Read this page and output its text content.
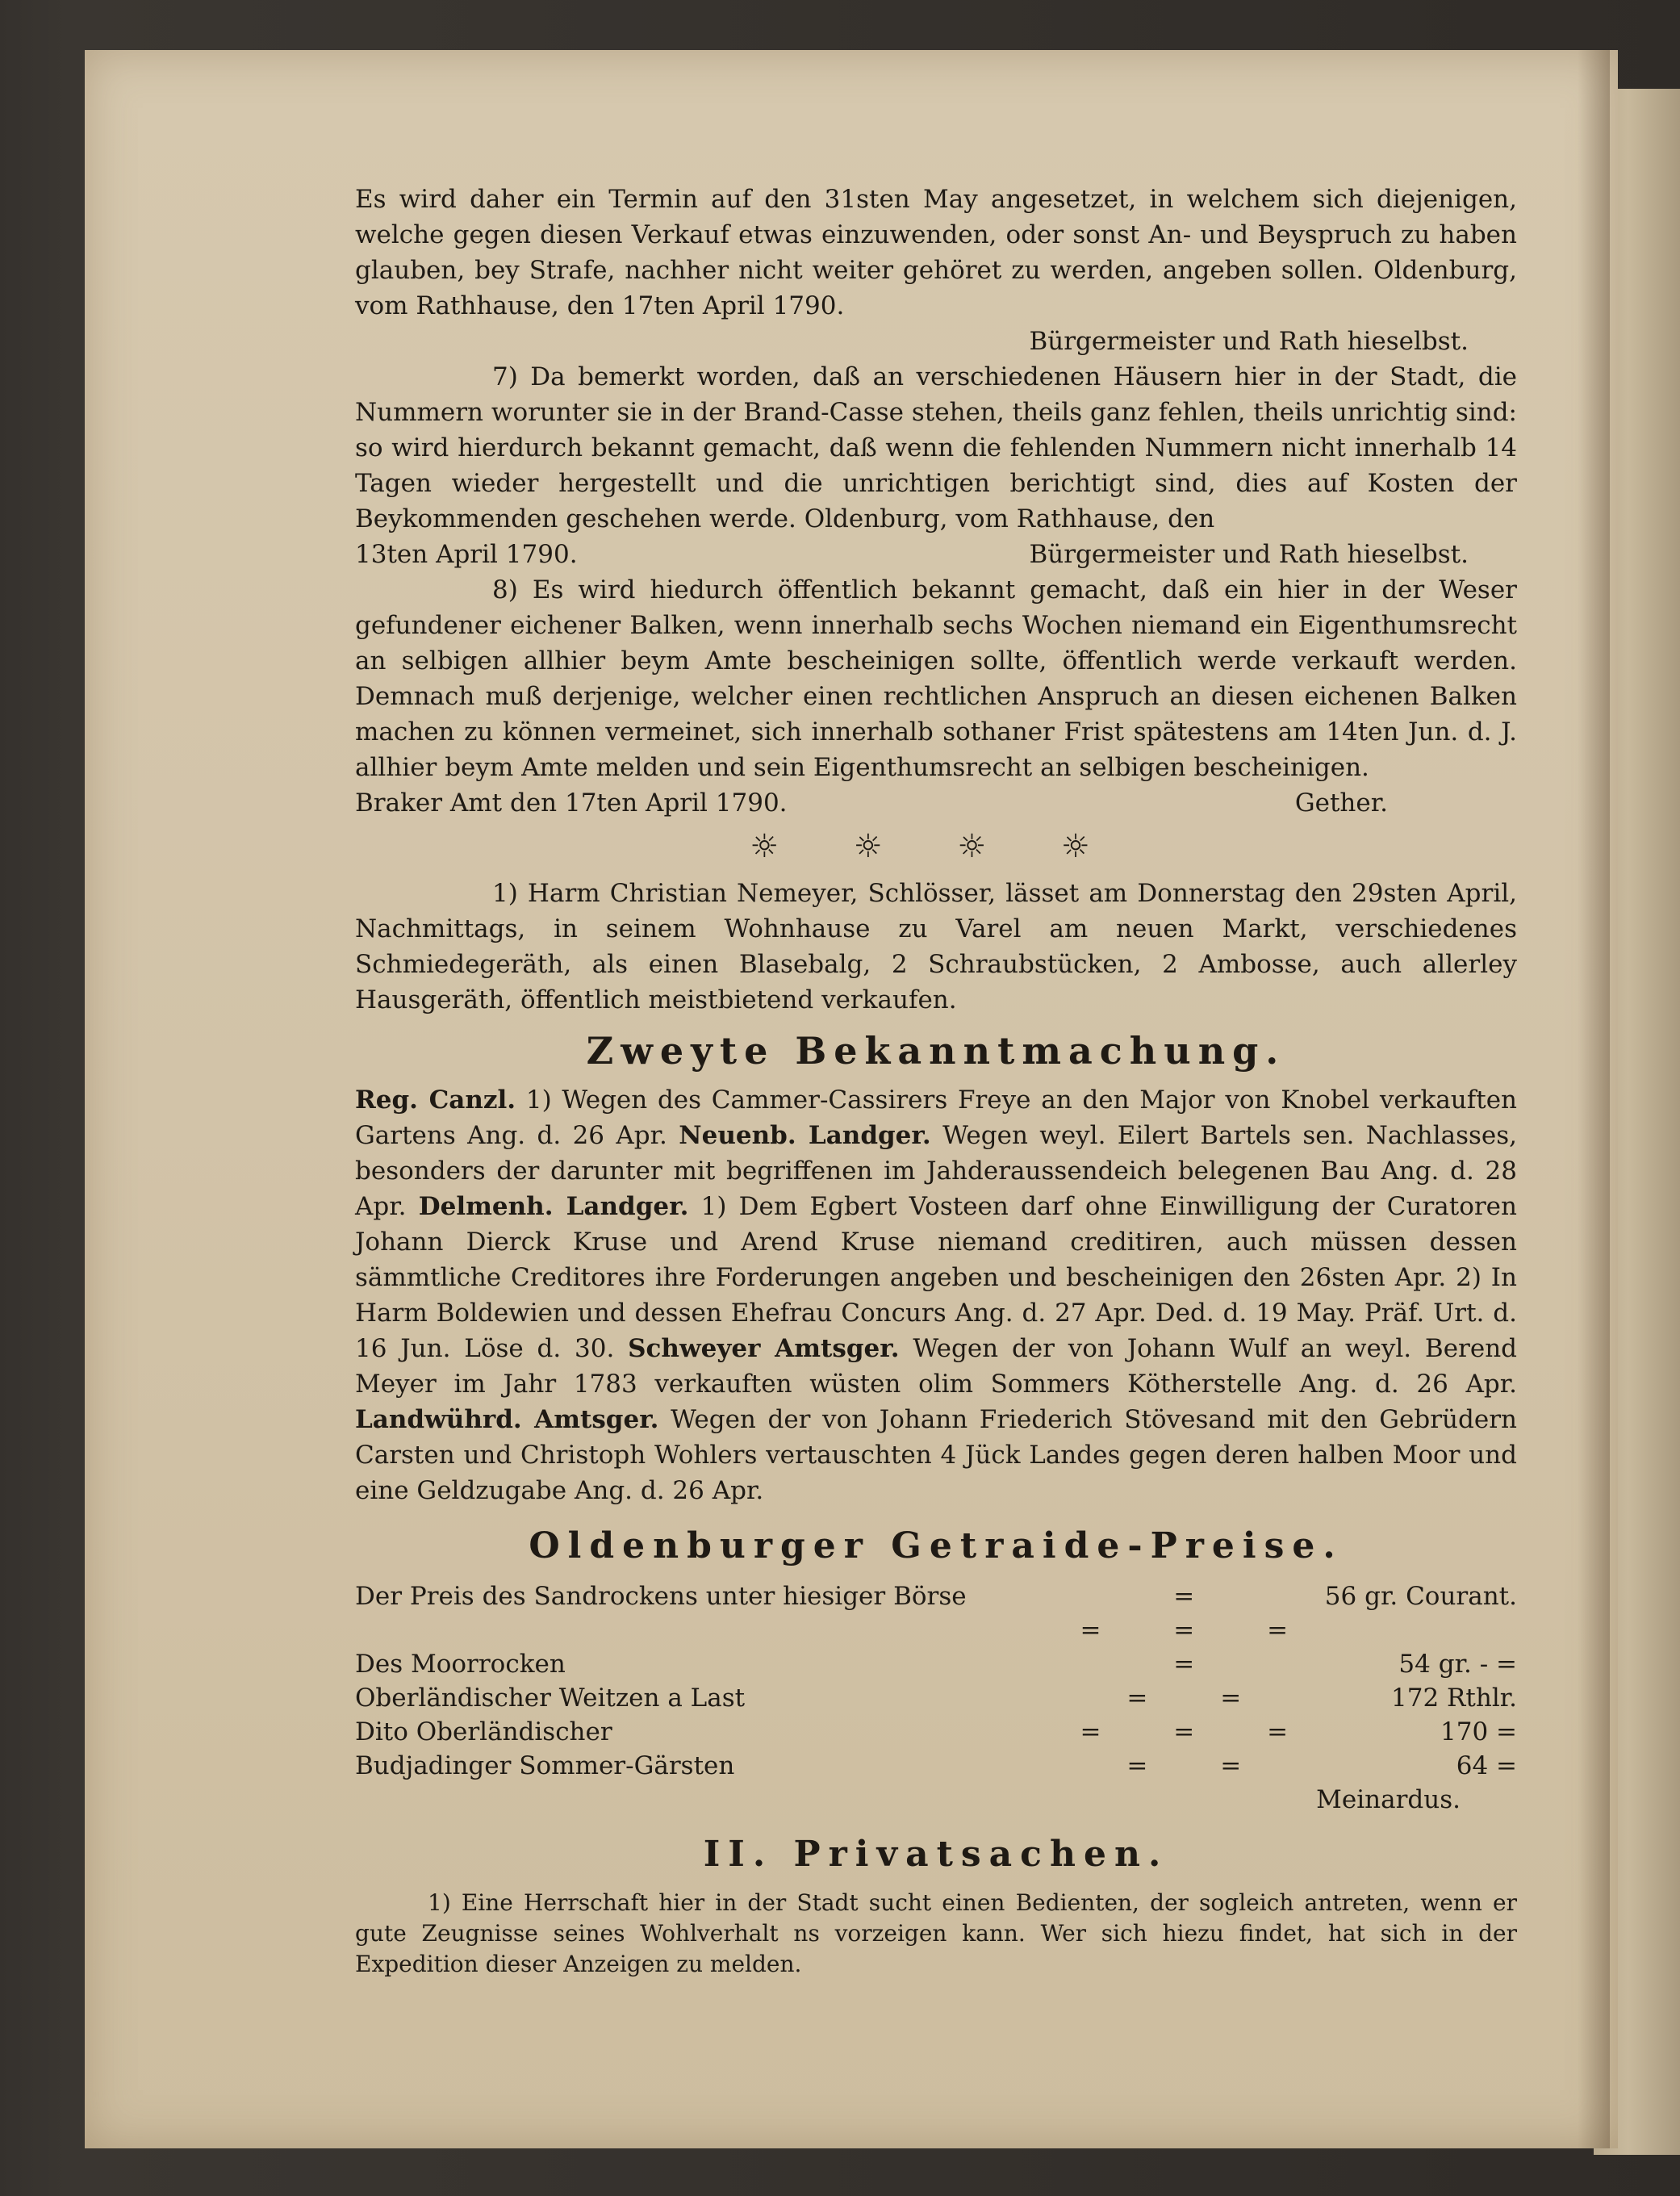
Es wird daher ein Termin auf den 31sten May angesetzet, in welchem sich diejenigen, welche gegen diesen Verkauf etwas einzuwenden, oder sonst An- und Beyspruch zu haben glauben, bey Strafe, nachher nicht weiter gehöret zu werden, angeben sollen. Oldenburg, vom Rathhause, den 17ten April 1790.

Bürgermeister und Rath hieselbst.

7) Da bemerkt worden, daß an verschiedenen Häusern hier in der Stadt, die Nummern worunter sie in der Brand-Casse stehen, theils ganz fehlen, theils unrichtig sind: so wird hierdurch bekannt gemacht, daß wenn die fehlenden Nummern nicht innerhalb 14 Tagen wieder hergestellt und die unrichtigen berichtigt sind, dies auf Kosten der Beykommenden geschehen werde. Oldenburg, vom Rathhause, den

13ten April 1790.	Bürgermeister und Rath hieselbst.

8) Es wird hiedurch öffentlich bekannt gemacht, daß ein hier in der Weser gefundener eichener Balken, wenn innerhalb sechs Wochen niemand ein Eigenthumsrecht an selbigen allhier beym Amte bescheinigen sollte, öffentlich werde verkauft werden. Demnach muß derjenige, welcher einen rechtlichen Anspruch an diesen eichenen Balken machen zu können vermeinet, sich innerhalb sothaner Frist spätestens am 14ten Jun. d. J. allhier beym Amte melden und sein Eigenthumsrecht an selbigen bescheinigen.

Braker Amt den 17ten April 1790.	Gether.
☼ ☼ ☼ ☼

1) Harm Christian Nemeyer, Schlösser, lässet am Donnerstag den 29sten April, Nachmittags, in seinem Wohnhause zu Varel am neuen Markt, verschiedenes Schmiedegeräth, als einen Blasebalg, 2 Schraubstücken, 2 Ambosse, auch allerley Hausgeräth, öffentlich meistbietend verkaufen.

Zweyte Bekanntmachung.

Reg. Canzl. 1) Wegen des Cammer-Cassirers Freye an den Major von Knobel verkauften Gartens Ang. d. 26 Apr. Neuenb. Landger. Wegen weyl. Eilert Bartels sen. Nachlasses, besonders der darunter mit begriffenen im Jahderaussendeich belegenen Bau Ang. d. 28 Apr. Delmenh. Landger. 1) Dem Egbert Vosteen darf ohne Einwilligung der Curatoren Johann Dierck Kruse und Arend Kruse niemand creditiren, auch müssen dessen sämmtliche Creditores ihre Forderungen angeben und bescheinigen den 26sten Apr. 2) In Harm Boldewien und dessen Ehefrau Concurs Ang. d. 27 Apr. Ded. d. 19 May. Präf. Urt. d. 16 Jun. Löse d. 30. Schweyer Amtsger. Wegen der von Johann Wulf an weyl. Berend Meyer im Jahr 1783 verkauften wüsten olim Sommers Kötherstelle Ang. d. 26 Apr. Landwührd. Amtsger. Wegen der von Johann Friederich Stövesand mit den Gebrüdern Carsten und Christoph Wohlers vertauschten 4 Jück Landes gegen deren halben Moor und eine Geldzugabe Ang. d. 26 Apr.

Oldenburger Getraide-Preise.
Der Preis des Sandrockens unter hiesiger Börse	=	56 gr. Courant.
Des Moorrocken	= = = =	54 gr. - =
Oberländischer Weitzen a Last	= =	172 Rthlr.
Dito Oberländischer	= = =	170 =
Budjadinger Sommer-Gärsten	= =	64 =
Meinardus.
II. Privatsachen.

1) Eine Herrschaft hier in der Stadt sucht einen Bedienten, der sogleich antreten, wenn er gute Zeugnisse seines Wohlverhalt ns vorzeigen kann. Wer sich hiezu findet, hat sich in der Expedition dieser Anzeigen zu melden.
